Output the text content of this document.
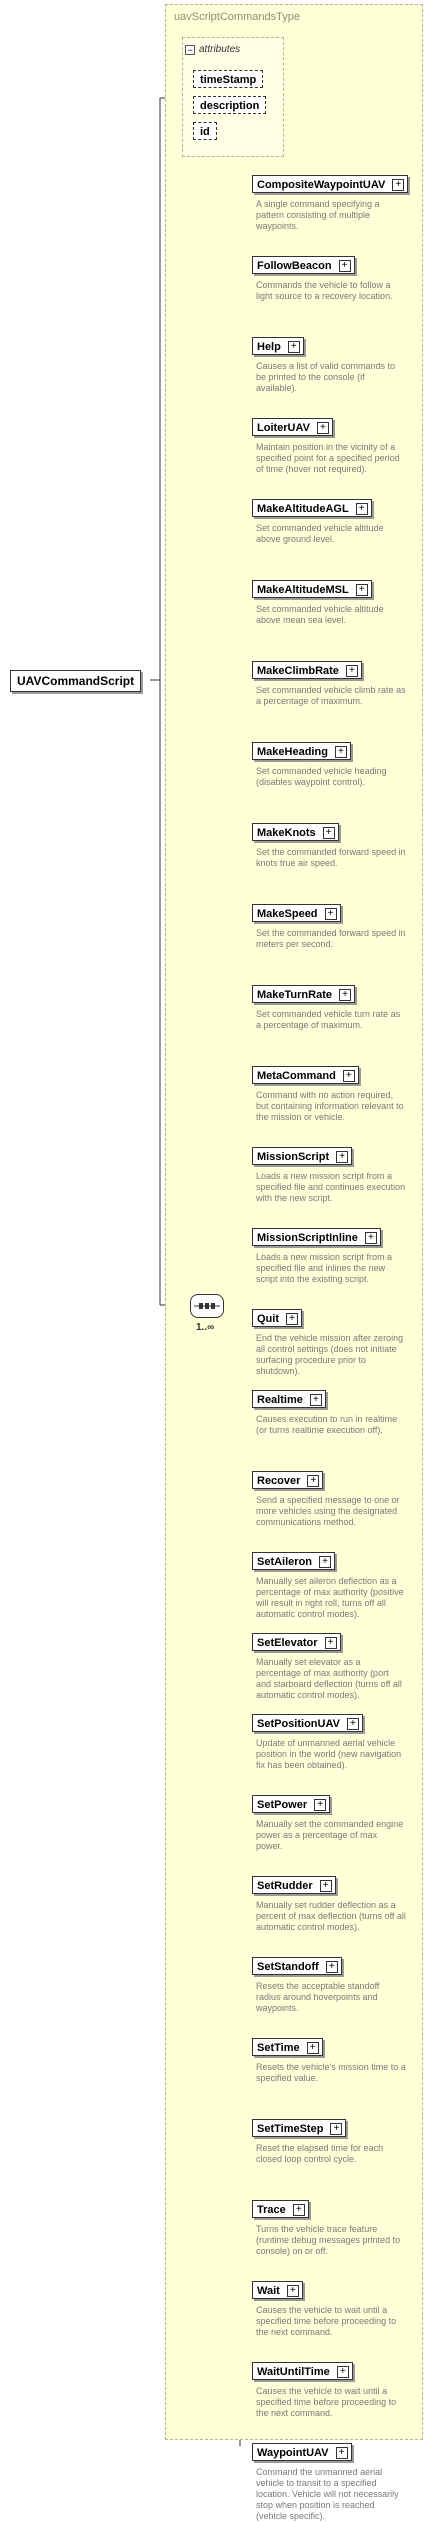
uavScriptCommandsType
− attributes
timeStamp
description
id
UAVCommandScript
1..∞
CompositeWaypointUAV	+
A single command specifying a pattern consisting of multiple waypoints.
FollowBeacon	+
Commands the vehicle to follow a light source to a recovery location.
Help	+
Causes a list of valid commands to be printed to the console (if available).
LoiterUAV	+
Maintain position in the vicinity of a specified point for a specified period of time (hover not required).
MakeAltitudeAGL	+
Set commanded vehicle altitude above ground level.
MakeAltitudeMSL	+
Set commanded vehicle altitude above mean sea level.
MakeClimbRate	+
Set commanded vehicle climb rate as a percentage of maximum.
MakeHeading	+
Set commanded vehicle heading (disables waypoint control).
MakeKnots	+
Set the commanded forward speed in knots true air speed.
MakeSpeed	+
Set the commanded forward speed in meters per second.
MakeTurnRate	+
Set commanded vehicle turn rate as a percentage of maximum.
MetaCommand	+
Command with no action required, but containing information relevant to the mission or vehicle.
MissionScript	+
Loads a new mission script from a specified file and continues execution with the new script.
MissionScriptInline	+
Loads a new mission script from a specified file and inlines the new script into the existing script.
Quit	+
End the vehicle mission after zeroing all control settings (does not initiate surfacing procedure prior to shutdown).
Realtime	+
Causes execution to run in realtime (or turns realtime execution off).
Recover	+
Send a specified message to one or more vehicles using the designated communications method.
SetAileron	+
Manually set aileron deflection as a percentage of max authority (positive will result in right roll, turns off all automatic control modes).
SetElevator	+
Manually set elevator as a percentage of max authority (port and starboard deflection (turns off all automatic control modes).
SetPositionUAV	+
Update of unmanned aerial vehicle position in the world (new navigation fix has been obtained).
SetPower	+
Manually set the commanded engine power as a percentage of max power.
SetRudder	+
Manually set rudder deflection as a percent of max deflection (turns off all automatic control modes).
SetStandoff	+
Resets the acceptable standoff radius around hoverpoints and waypoints.
SetTime	+
Resets the vehicle's mission time to a specified value.
SetTimeStep	+
Reset the elapsed time for each closed loop control cycle.
Trace	+
Turns the vehicle trace feature (runtime debug messages printed to console) on or off.
Wait	+
Causes the vehicle to wait until a specified time before proceeding to the next command.
WaitUntilTime	+
Causes the vehicle to wait until a specified time before proceeding to the next command.
WaypointUAV	+
Command the unmanned aerial vehicle to transit to a specified location. Vehicle will not necessarily stop when position is reached (vehicle specific).
